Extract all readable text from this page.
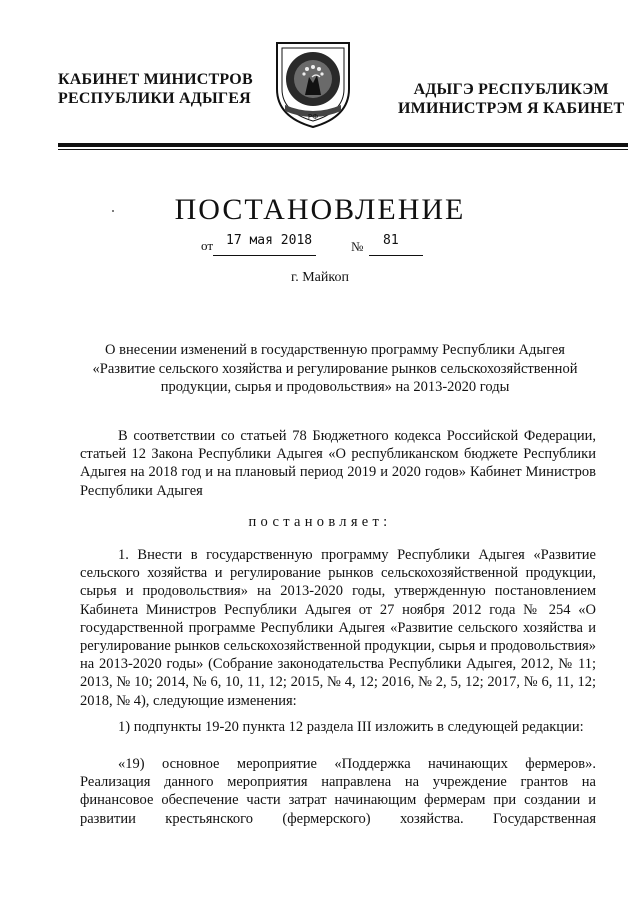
КАБИНЕТ МИНИСТРОВ
РЕСПУБЛИКИ АДЫГЕЯ
РФ
АДЫГЭ РЕСПУБЛИКЭМ
ИМИНИСТРЭМ Я КАБИНЕТ
ПОСТАНОВЛЕНИЕ
от 17 мая 2018	№ 81
г. Майкоп
О внесении изменений в государственную программу Республики Адыгея «Развитие сельского хозяйства и регулирование рынков сельскохозяйственной продукции, сырья и продовольствия» на 2013-2020 годы

В соответствии со статьей 78 Бюджетного кодекса Российской Федерации, статьей 12 Закона Республики Адыгея «О республиканском бюджете Республики Адыгея на 2018 год и на плановый период 2019 и 2020 годов» Кабинет Министров Республики Адыгея

постановляет:

1. Внести в государственную программу Республики Адыгея «Развитие сельского хозяйства и регулирование рынков сельскохозяйственной продукции, сырья и продовольствия» на 2013-2020 годы, утвержденную постановлением Кабинета Министров Республики Адыгея от 27 ноября 2012 года № 254 «О государственной программе Республики Адыгея «Развитие сельского хозяйства и регулирование рынков сельскохозяйственной продукции, сырья и продовольствия» на 2013-2020 годы» (Собрание законодательства Республики Адыгея, 2012, № 11; 2013, № 10; 2014, № 6, 10, 11, 12; 2015, № 4, 12; 2016, № 2, 5, 12; 2017, № 6, 11, 12; 2018, № 4), следующие изменения:

1) подпункты 19-20 пункта 12 раздела III изложить в следующей редакции:

«19) основное мероприятие «Поддержка начинающих фермеров». Реализация данного мероприятия направлена на учреждение грантов на финансовое обеспечение части затрат начинающим фермерам при создании и развитии крестьянского (фермерского) хозяйства. Государственная
